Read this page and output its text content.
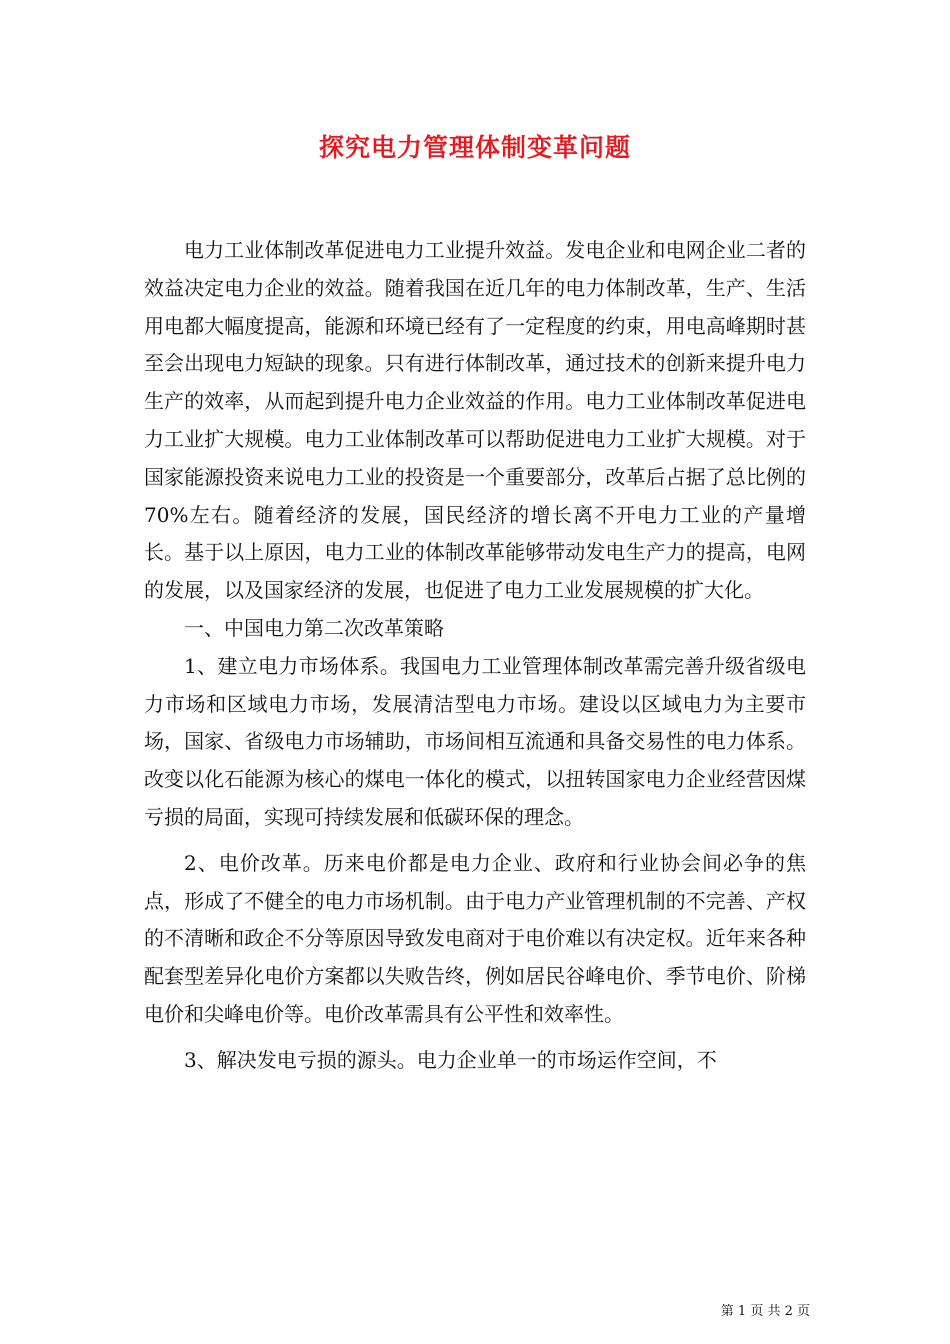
探究电力管理体制变革问题

电力工业体制改革促进电力工业提升效益。发电企业和电网企业二者的效益决定电力企业的效益。随着我国在近几年的电力体制改革，生产、生活用电都大幅度提高，能源和环境已经有了一定程度的约束，用电高峰期时甚至会出现电力短缺的现象。只有进行体制改革，通过技术的创新来提升电力生产的效率，从而起到提升电力企业效益的作用。电力工业体制改革促进电力工业扩大规模。电力工业体制改革可以帮助促进电力工业扩大规模。对于国家能源投资来说电力工业的投资是一个重要部分，改革后占据了总比例的70%左右。随着经济的发展，国民经济的增长离不开电力工业的产量增长。基于以上原因，电力工业的体制改革能够带动发电生产力的提高，电网的发展，以及国家经济的发展，也促进了电力工业发展规模的扩大化。

一、中国电力第二次改革策略

1、建立电力市场体系。我国电力工业管理体制改革需完善升级省级电力市场和区域电力市场，发展清洁型电力市场。建设以区域电力为主要市场，国家、省级电力市场辅助，市场间相互流通和具备交易性的电力体系。改变以化石能源为核心的煤电一体化的模式，以扭转国家电力企业经营因煤亏损的局面，实现可持续发展和低碳环保的理念。

2、电价改革。历来电价都是电力企业、政府和行业协会间必争的焦点，形成了不健全的电力市场机制。由于电力产业管理机制的不完善、产权的不清晰和政企不分等原因导致发电商对于电价难以有决定权。近年来各种配套型差异化电价方案都以失败告终，例如居民谷峰电价、季节电价、阶梯电价和尖峰电价等。电价改革需具有公平性和效率性。

3、解决发电亏损的源头。电力企业单一的市场运作空间，不

第 1 页 共 2 页
